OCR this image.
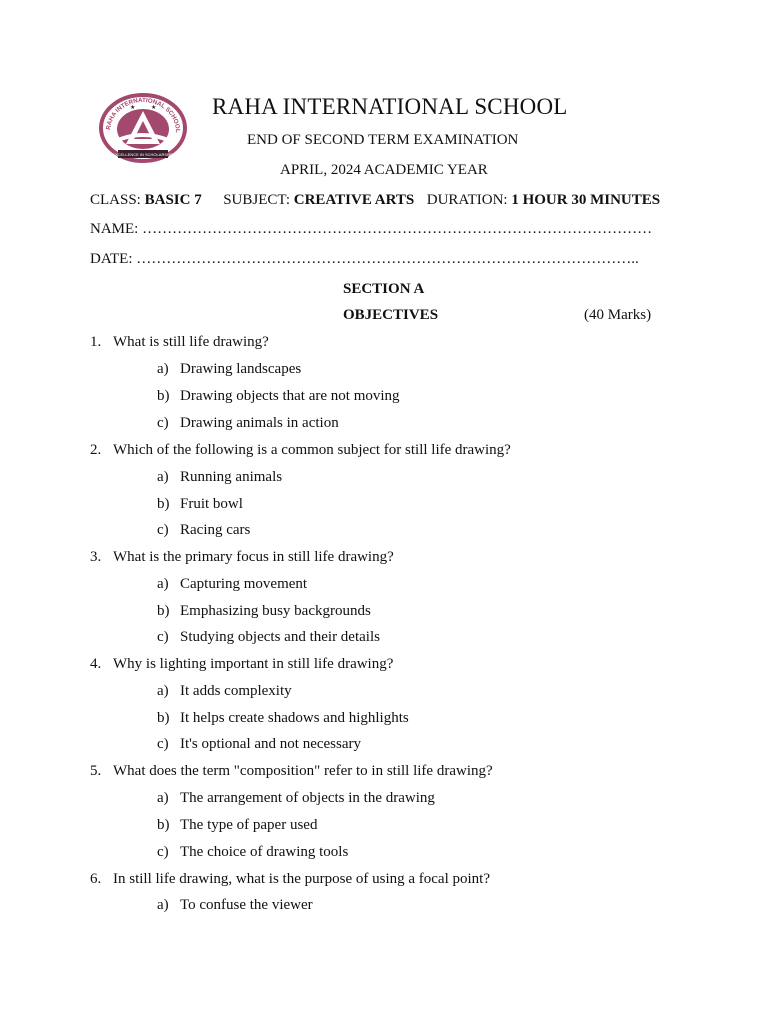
RAHA INTERNATIONAL SCHOOL
★	★
EXCELLENCE IN SCHOLARSHIP
RAHA INTERNATIONAL SCHOOL
END OF SECOND TERM EXAMINATION
APRIL, 2024 ACADEMIC YEAR
CLASS: BASIC 7 SUBJECT: CREATIVE ARTS DURATION: 1 HOUR 30 MINUTES
NAME: …………………………………………………………………………………………
DATE: ………………………………………………………………………………………..
SECTION A
OBJECTIVES	(40 Marks)
1. What is still life drawing?
a) Drawing landscapes
b) Drawing objects that are not moving
c) Drawing animals in action
2. Which of the following is a common subject for still life drawing?
a) Running animals
b) Fruit bowl
c) Racing cars
3. What is the primary focus in still life drawing?
a) Capturing movement
b) Emphasizing busy backgrounds
c) Studying objects and their details
4. Why is lighting important in still life drawing?
a) It adds complexity
b) It helps create shadows and highlights
c) It's optional and not necessary
5. What does the term "composition" refer to in still life drawing?
a) The arrangement of objects in the drawing
b) The type of paper used
c) The choice of drawing tools
6. In still life drawing, what is the purpose of using a focal point?
a) To confuse the viewer
